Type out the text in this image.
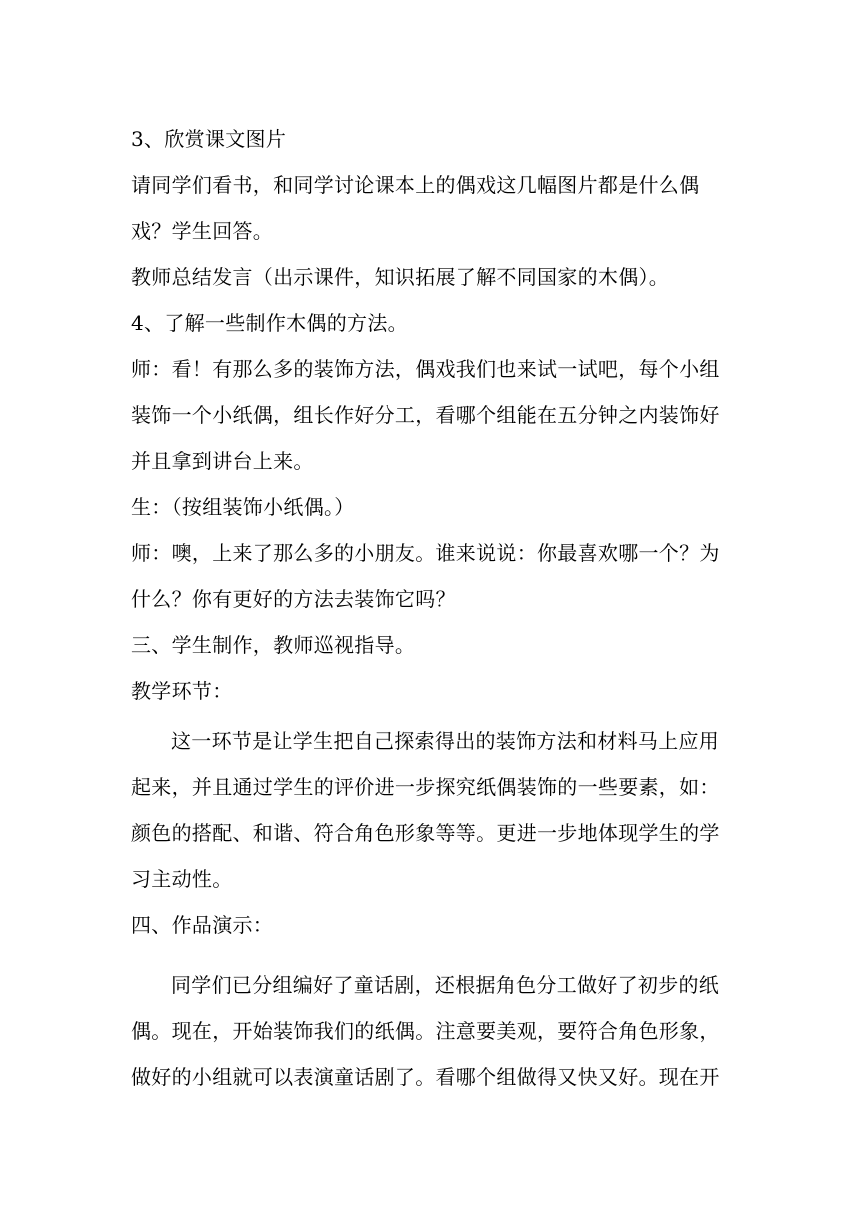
3、欣赏课文图片
请同学们看书，和同学讨论课本上的偶戏这几幅图片都是什么偶
戏？学生回答。
教师总结发言（出示课件，知识拓展了解不同国家的木偶）。
4、了解一些制作木偶的方法。
师：看！有那么多的装饰方法，偶戏我们也来试一试吧，每个小组
装饰一个小纸偶，组长作好分工，看哪个组能在五分钟之内装饰好
并且拿到讲台上来。
生：（按组装饰小纸偶。）
师：噢，上来了那么多的小朋友。谁来说说：你最喜欢哪一个？为
什么？你有更好的方法去装饰它吗？
三、学生制作，教师巡视指导。
教学环节：
这一环节是让学生把自己探索得出的装饰方法和材料马上应用
起来，并且通过学生的评价进一步探究纸偶装饰的一些要素，如：
颜色的搭配、和谐、符合角色形象等等。更进一步地体现学生的学
习主动性。
四、作品演示：
同学们已分组编好了童话剧，还根据角色分工做好了初步的纸
偶。现在，开始装饰我们的纸偶。注意要美观，要符合角色形象，
做好的小组就可以表演童话剧了。看哪个组做得又快又好。现在开
